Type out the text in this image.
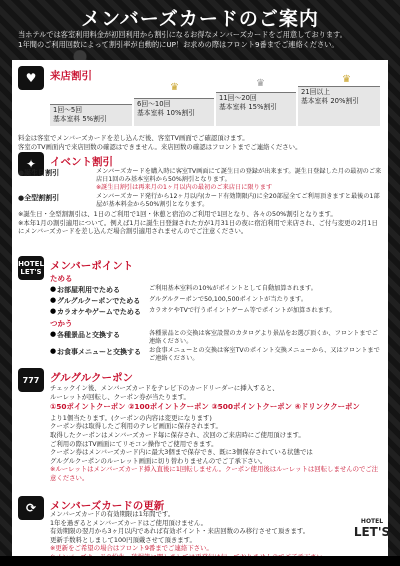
メンバーズカードのご案内
当ホテルでは客室利用料金が初回利用から割引になるお得なメンバーズカードをご用意しております。
1年間のご利用回数によって割引率が自動的にUP！お求めの際はフロント9番までご連絡ください。
♥	来店割引
♛	♛	♛
1回～5回
基本室料 5%割引
6回～10回
基本室料 10%割引
11回～20回
基本室料 15%割引
21回以上
基本室料 20%割引
料金は客室でメンバーズカードを差し込んだ後、客室TV画面でご確認頂けます。
客室のTV画面内で来店回数の確認はできません。来店回数の確認はフロントまでご連絡ください。
✦	イベント割引
●誕生日割引	メンバーズカードを購入時に客室TV画面にて誕生日の登録が出来ます。誕生日登録した月の最初のご来店日1回のみ基本室料から50%割引となります。
※誕生日割引は再来月の1ヶ月以内の最初のご来店日に限ります
●全型割割引	メンバーズカード発行から12ヶ月以内(カード有効期限内)に全20部屋全てご利用頂きますと最後の1部屋が基本料金から50%割引となります。
※誕生日・全型割割引は、1日のご利用で1回・休憩と宿泊のご利用で1回となり、各々の50%割引となります。
※本年1月の割引適用について。例えば1月に誕生日登録された方が1月31日の夜に宿泊利用で来店され、ご付与変更の2月1日にメンバーズカードを差し込んだ場合割引適用されませんのでご注意ください。
HOTEL
LET'S メンバーポイント
ためる
● お部屋利用でためる	ご利用基本室料の10%がポイントとして自動加算されます。
● グルグルクーポンでためる	グルグルクーポンで50,100,500ポイントが当たります。
● カラオケやゲームでためる	カラオケやTVで行うポイントゲーム等でポイントが加算されます。
つかう
● 各種景品と交換する	各種景品との交換は客室設置のカタログより景品をお選び頂くか、フロントまでご連絡ください。
● お食事メニューと交換する	お食事メニューとの交換は客室TVのポイント交換メニューから、又はフロントまでご連絡ください。
777	グルグルクーポン
チェックイン後、メンバーズカードをテレビ下のカードリーダーに挿入すると、
ルーレットが回転し、クーポン券が当たります。
①50ポイントクーポン ②100ポイントクーポン ③500ポイントクーポン ④ドリンククーポン
より1個当たります。(クーポンの内容は変更になります)
クーポン券は取得したご利用のテレビ画面に保存されます。
取得したクーポンはメンバーズカード毎に保存され、次回のご来店時にご使用頂けます。
ご利用の際はTV画面にてリモコン操作でご使用できます。
クーポン券はメンバーズカード内に最大3個まで保存でき、既に3個保存されている状態では
グルグルクーポンのルーレット画面に切り替わりませんのでご了承下さい。
※ルーレットはメンバーズカード挿入直後に1回転しません。クーポン使用後はルーレットは回転しませんのでご注意ください。
⟳	メンバーズカードの更新
メンバーズカードの有効期限は1年間です。
1年を過ぎるとメンバーズカードはご使用頂けません。
有効期限の翌月から3ヶ月以内であれば有効ポイント・来店回数のみ移行させて頂きます。
更新手数料としまして100円頂戴させて頂きます。
※更新をご希望の場合はフロント9番までご連絡下さい。
HOTEL
LET'S
